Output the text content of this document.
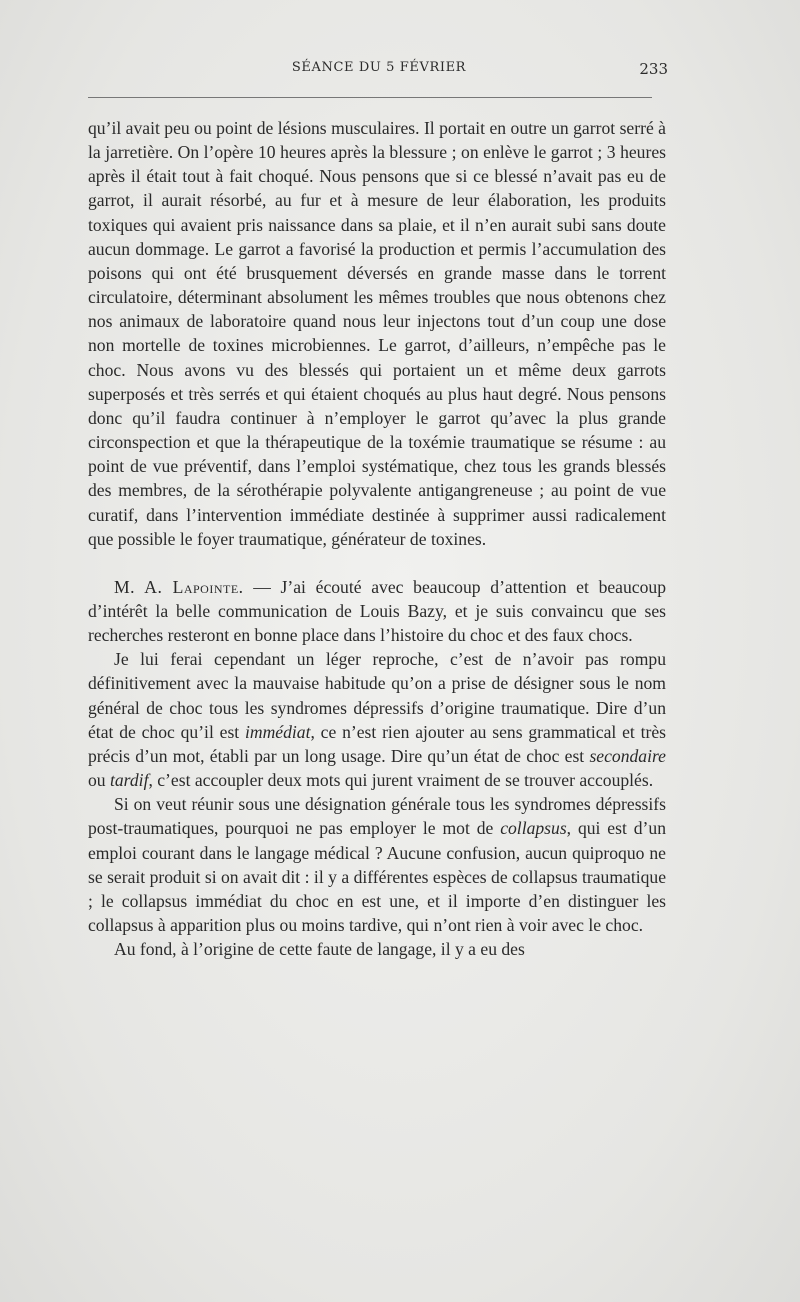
SÉANCE DU 5 FÉVRIER	233

qu’il avait peu ou point de lésions musculaires. Il portait en outre un garrot serré à la jarretière. On l’opère 10 heures après la blessure ; on enlève le garrot ; 3 heures après il était tout à fait choqué. Nous pensons que si ce blessé n’avait pas eu de garrot, il aurait résorbé, au fur et à mesure de leur élaboration, les produits toxiques qui avaient pris naissance dans sa plaie, et il n’en aurait subi sans doute aucun dommage. Le garrot a favorisé la production et permis l’accumulation des poisons qui ont été brusquement déversés en grande masse dans le torrent circulatoire, déterminant absolument les mêmes troubles que nous obtenons chez nos animaux de laboratoire quand nous leur injectons tout d’un coup une dose non mortelle de toxines microbiennes. Le garrot, d’ailleurs, n’empêche pas le choc. Nous avons vu des blessés qui portaient un et même deux garrots superposés et très serrés et qui étaient choqués au plus haut degré. Nous pensons donc qu’il faudra continuer à n’employer le garrot qu’avec la plus grande circonspection et que la thérapeutique de la toxémie traumatique se résume : au point de vue préventif, dans l’emploi systématique, chez tous les grands blessés des membres, de la sérothérapie polyvalente antigangreneuse ; au point de vue curatif, dans l’intervention immédiate destinée à supprimer aussi radicalement que possible le foyer traumatique, générateur de toxines.

M. A. Lapointe. — J’ai écouté avec beaucoup d’attention et beaucoup d’intérêt la belle communication de Louis Bazy, et je suis convaincu que ses recherches resteront en bonne place dans l’histoire du choc et des faux chocs.

Je lui ferai cependant un léger reproche, c’est de n’avoir pas rompu définitivement avec la mauvaise habitude qu’on a prise de désigner sous le nom général de choc tous les syndromes dépressifs d’origine traumatique. Dire d’un état de choc qu’il est immédiat, ce n’est rien ajouter au sens grammatical et très précis d’un mot, établi par un long usage. Dire qu’un état de choc est secondaire ou tardif, c’est accoupler deux mots qui jurent vraiment de se trouver accouplés.

Si on veut réunir sous une désignation générale tous les syndromes dépressifs post-traumatiques, pourquoi ne pas employer le mot de collapsus, qui est d’un emploi courant dans le langage médical ? Aucune confusion, aucun quiproquo ne se serait produit si on avait dit : il y a différentes espèces de collapsus traumatique ; le collapsus immédiat du choc en est une, et il importe d’en distinguer les collapsus à apparition plus ou moins tardive, qui n’ont rien à voir avec le choc.

Au fond, à l’origine de cette faute de langage, il y a eu des
